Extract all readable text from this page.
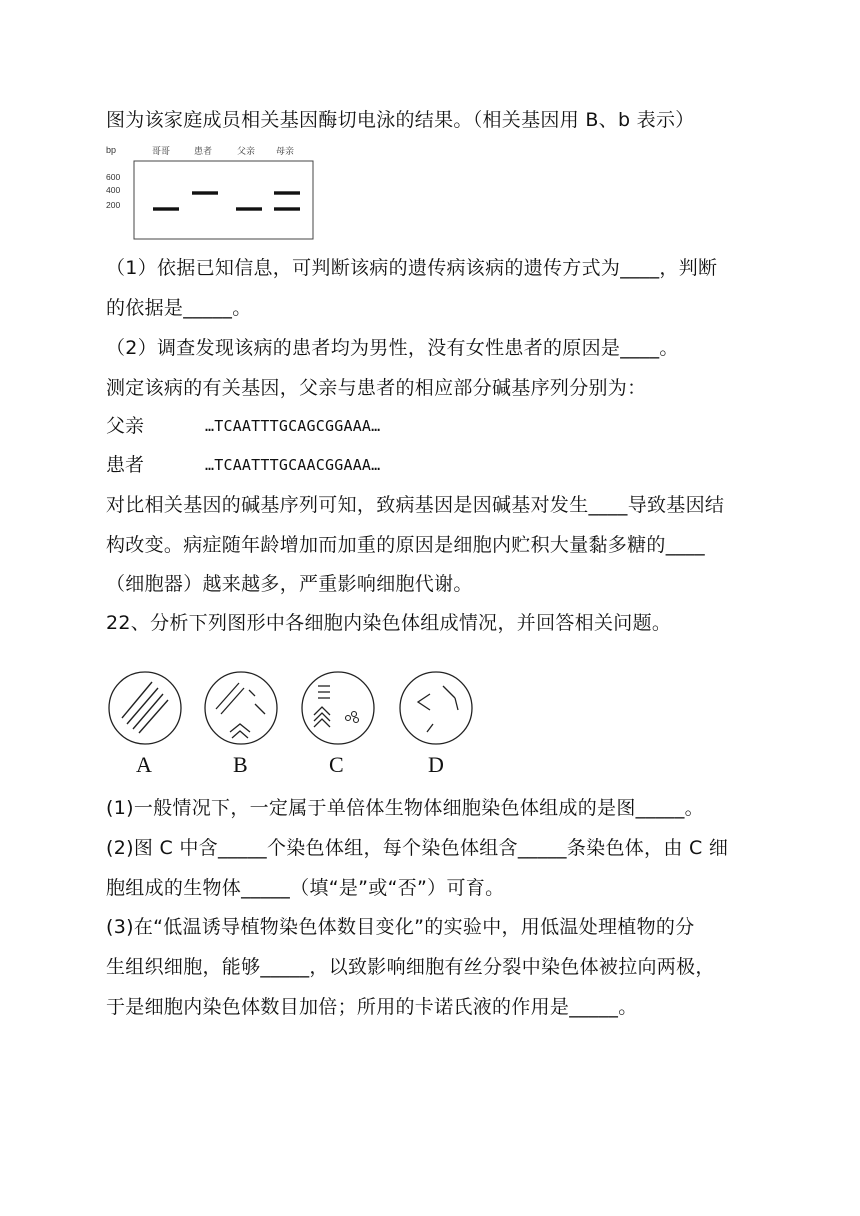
图为该家庭成员相关基因酶切电泳的结果。（相关基因用 B、b 表示）
bp	哥哥	患者	父亲 母亲
600
400
200
（1）依据已知信息，可判断该病的遗传病该病的遗传方式为____，判断
的依据是_____。
（2）调查发现该病的患者均为男性，没有女性患者的原因是____。
测定该病的有关基因，父亲与患者的相应部分碱基序列分别为：
父亲	…TCAATTTGCAGCGGAAA…
患者	…TCAATTTGCAACGGAAA…
对比相关基因的碱基序列可知，致病基因是因碱基对发生____导致基因结
构改变。病症随年龄增加而加重的原因是细胞内贮积大量黏多糖的____
（细胞器）越来越多，严重影响细胞代谢。
22、分析下列图形中各细胞内染色体组成情况，并回答相关问题。
A	B	C	D
(1)一般情况下，一定属于单倍体生物体细胞染色体组成的是图_____。
(2)图 C 中含_____个染色体组，每个染色体组含_____条染色体，由 C 细
胞组成的生物体_____（填“是”或“否”）可育。
(3)在“低温诱导植物染色体数目变化”的实验中，用低温处理植物的分
生组织细胞，能够_____，以致影响细胞有丝分裂中染色体被拉向两极，
于是细胞内染色体数目加倍；所用的卡诺氏液的作用是_____。
